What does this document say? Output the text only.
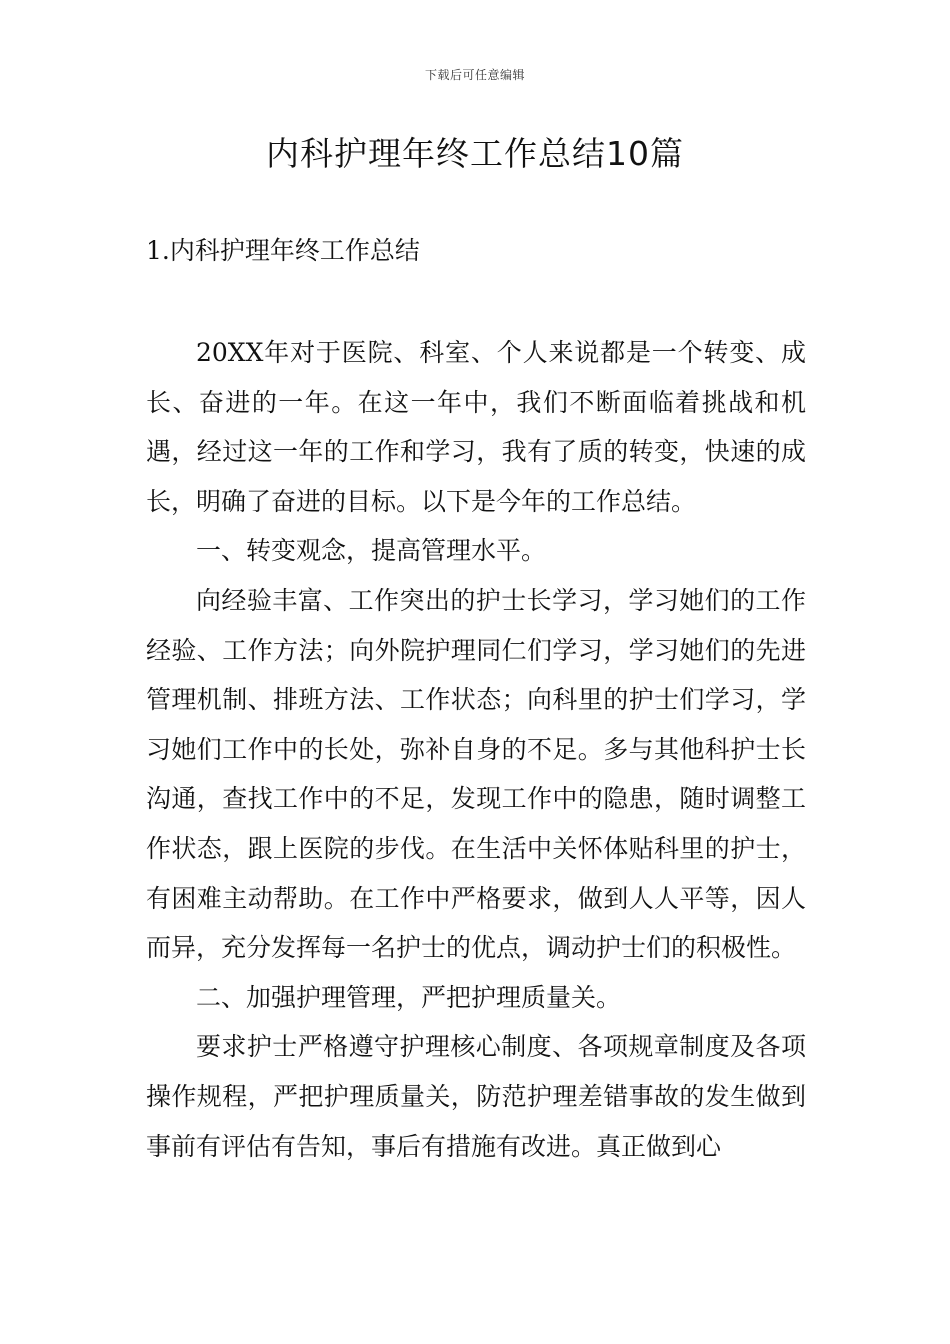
下载后可任意编辑
内科护理年终工作总结10篇
1.内科护理年终工作总结

20XX年对于医院、科室、个人来说都是一个转变、成长、奋进的一年。在这一年中，我们不断面临着挑战和机遇，经过这一年的工作和学习，我有了质的转变，快速的成长，明确了奋进的目标。以下是今年的工作总结。

一、转变观念，提高管理水平。

向经验丰富、工作突出的护士长学习，学习她们的工作经验、工作方法；向外院护理同仁们学习，学习她们的先进管理机制、排班方法、工作状态；向科里的护士们学习，学习她们工作中的长处，弥补自身的不足。多与其他科护士长沟通，查找工作中的不足，发现工作中的隐患，随时调整工作状态，跟上医院的步伐。在生活中关怀体贴科里的护士，有困难主动帮助。在工作中严格要求，做到人人平等，因人而异，充分发挥每一名护士的优点，调动护士们的积极性。

二、加强护理管理，严把护理质量关。

要求护士严格遵守护理核心制度、各项规章制度及各项操作规程，严把护理质量关，防范护理差错事故的发生做到事前有评估有告知，事后有措施有改进。真正做到心
